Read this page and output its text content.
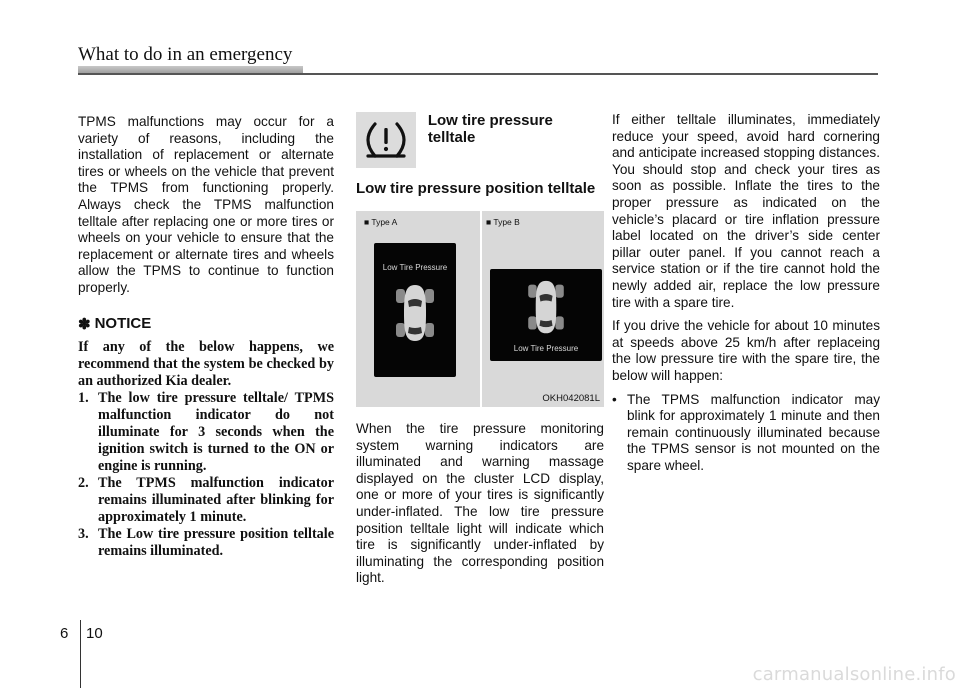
What to do in an emergency

TPMS malfunctions may occur for a variety of reasons, including the installation of replacement or alternate tires or wheels on the vehicle that prevent the TPMS from functioning properly. Always check the TPMS malfunction telltale after replacing one or more tires or wheels on your vehicle to ensure that the replacement or alternate tires and wheels allow the TPMS to continue to function properly.

✽ NOTICE

If any of the below happens, we recommend that the system be checked by an authorized Kia dealer.

1. The low tire pressure telltale/ TPMS malfunction indicator do not illuminate for 3 seconds when the ignition switch is turned to the ON or engine is running.
2. The TPMS malfunction indicator remains illuminated after blinking for approximately 1 minute.
3. The Low tire pressure position telltale remains illuminated.
Low tire pressure telltale
Low tire pressure position telltale
■ Type A
Low Tire Pressure
■ Type B
Low Tire Pressure
OKH042081L

When the tire pressure monitoring system warning indicators are illuminated and warning massage displayed on the cluster LCD display, one or more of your tires is significantly under-inflated. The low tire pressure position telltale light will indicate which tire is significantly under-inflated by illuminating the corresponding position light.

If either telltale illuminates, immediately reduce your speed, avoid hard cornering and anticipate increased stopping distances. You should stop and check your tires as soon as possible. Inflate the tires to the proper pressure as indicated on the vehicle’s placard or tire inflation pressure label located on the driver’s side center pillar outer panel. If you cannot reach a service station or if the tire cannot hold the newly added air, replace the low pressure tire with a spare tire.

If you drive the vehicle for about 10 minutes at speeds above 25 km/h after replaceing the low pressure tire with the spare tire, the below will happen:

• The TPMS malfunction indicator may blink for approximately 1 minute and then remain continuously illuminated because the TPMS sensor is not mounted on the spare wheel.
6 10
carmanualsonline.info
